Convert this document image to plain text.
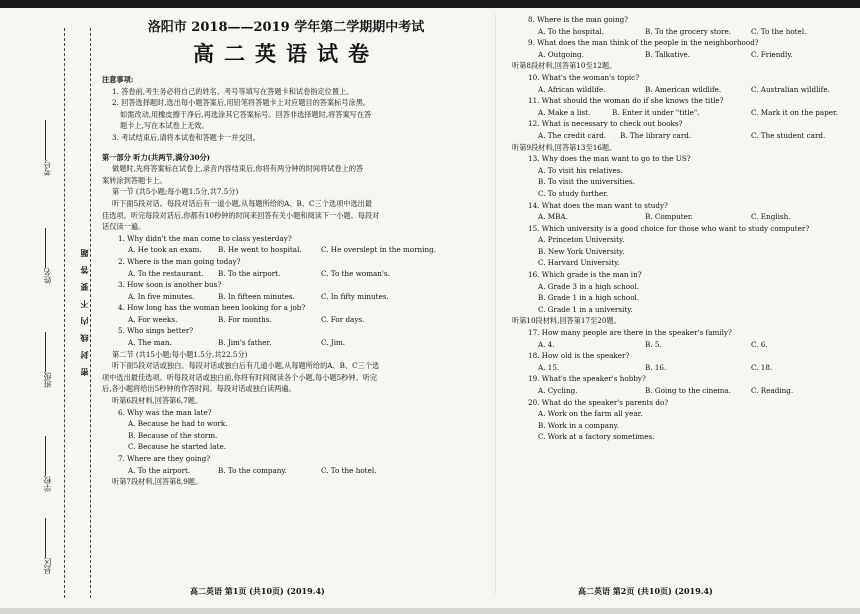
考号
姓名
班级
学校
县区
密封线内不要答题
洛阳市 2018——2019 学年第二学期期中考试
高二英语试卷
注意事项:
1. 答卷前,考生务必将自己的姓名、考号等填写在答题卡和试卷指定位置上。
2. 回答选择题时,选出每小题答案后,用铅笔将答题卡上对应题目的答案标号涂黑。
如需改动,用橡皮擦干净后,再选涂其它答案标号。回答非选择题时,将答案写在答
题卡上,写在本试卷上无效。
3. 考试结束后,请将本试卷和答题卡一并交回。
第一部分 听力(共两节,满分30分)
做题时,先将答案标在试卷上,录音内容结束后,你将有两分钟的时间将试卷上的答
案转涂到答题卡上。
第一节 (共5小题;每小题1.5分,共7.5分)
听下面5段对话。每段对话后有一道小题,从每题所给的A、B、C三个选项中选出最
佳选项。听完每段对话后,你都有10秒钟的时间来回答有关小题和阅读下一小题。每段对
话仅读一遍。
1. Why didn't the man come to class yesterday?
A. He took an exam.	B. He went to hospital.	C. He overslept in the morning.
2. Where is the man going today?
A. To the restaurant.	B. To the airport.	C. To the woman's.
3. How soon is another bus?
A. In five minutes.	B. In fifteen minutes.	C. In fifty minutes.
4. How long has the woman been looking for a job?
A. For weeks.	B. For months.	C. For days.
5. Who sings better?
A. The man.	B. Jim's father.	C. Jim.
第二节 (共15小题;每小题1.5分,共22.5分)
听下面5段对话或独白。每段对话或独白后有几道小题,从每题所给的A、B、C三个选
项中选出最佳选项。听每段对话或独白前,你将有时间阅读各个小题,每小题5秒钟。听完
后,各小题将给出5秒钟的作答时间。每段对话或独白读两遍。
听第6段材料,回答第6,7题。
6. Why was the man late?
A. Because he had to work.
B. Because of the storm.
C. Because he started late.
7. Where are they going?
A. To the airport.	B. To the company.	C. To the hotel.
听第7段材料,回答第8,9题。
高二英语 第1页 (共10页) (2019.4)
8. Where is the man going?
A. To the hospital.	B. To the grocery store.	C. To the hotel.
9. What does the man think of the people in the neighborhood?
A. Outgoing.	B. Talkative.	C. Friendly.
听第8段材料,回答第10至12题。
10. What's the woman's topic?
A. African wildlife.	B. American wildlife.	C. Australian wildlife.
11. What should the woman do if she knows the title?
A. Make a list.	B. Enter it under "title".	C. Mark it on the paper.
12. What is necessary to check out books?
A. The credit card.	B. The library card.	C. The student card.
听第9段材料,回答第13至16题。
13. Why does the man want to go to the US?
A. To visit his relatives.
B. To visit the universities.
C. To study further.
14. What does the man want to study?
A. MBA.	B. Computer.	C. English.
15. Which university is a good choice for those who want to study computer?
A. Princeton University.
B. New York University.
C. Harvard University.
16. Which grade is the man in?
A. Grade 3 in a high school.
B. Grade 1 in a high school.
C. Grade 1 in a university.
听第10段材料,回答第17至20题。
17. How many people are there in the speaker's family?
A. 4.	B. 5.	C. 6.
18. How old is the speaker?
A. 15.	B. 16.	C. 18.
19. What's the speaker's hobby?
A. Cycling.	B. Going to the cinema.	C. Reading.
20. What do the speaker's parents do?
A. Work on the farm all year.
B. Work in a company.
C. Work at a factory sometimes.
高二英语 第2页 (共10页) (2019.4)
